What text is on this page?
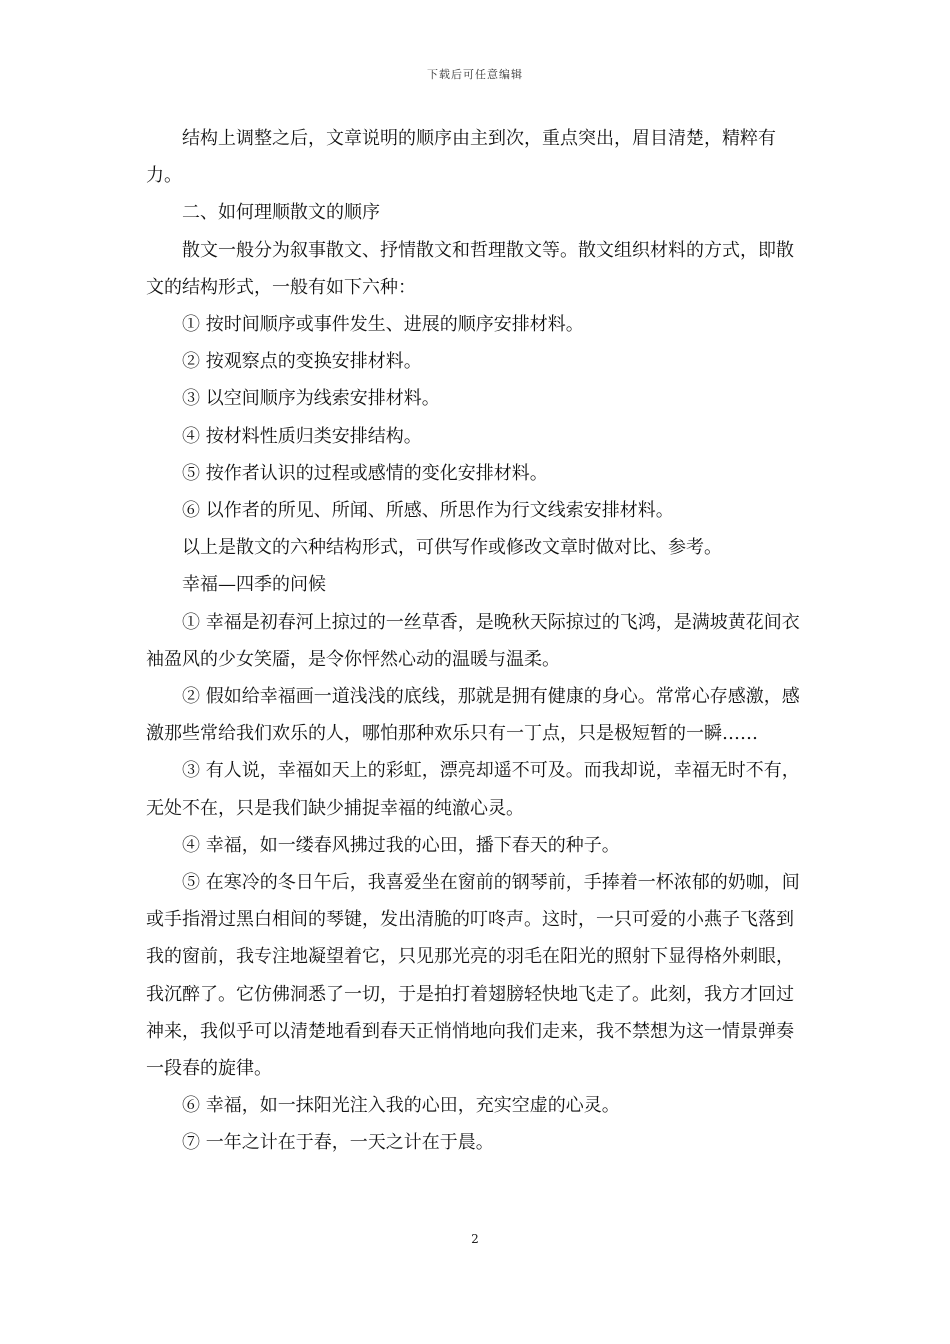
下载后可任意编辑

结构上调整之后，文章说明的顺序由主到次，重点突出，眉目清楚，精粹有力。

二、如何理顺散文的顺序

散文一般分为叙事散文、抒情散文和哲理散文等。散文组织材料的方式，即散文的结构形式，一般有如下六种：

① 按时间顺序或事件发生、进展的顺序安排材料。

② 按观察点的变换安排材料。

③ 以空间顺序为线索安排材料。

④ 按材料性质归类安排结构。

⑤ 按作者认识的过程或感情的变化安排材料。

⑥ 以作者的所见、所闻、所感、所思作为行文线索安排材料。

以上是散文的六种结构形式，可供写作或修改文章时做对比、参考。

幸福—四季的问候

① 幸福是初春河上掠过的一丝草香，是晚秋天际掠过的飞鸿，是满坡黄花间衣袖盈风的少女笑靥，是令你怦然心动的温暖与温柔。

② 假如给幸福画一道浅浅的底线，那就是拥有健康的身心。常常心存感激，感激那些常给我们欢乐的人，哪怕那种欢乐只有一丁点，只是极短暂的一瞬……

③ 有人说，幸福如天上的彩虹，漂亮却遥不可及。而我却说，幸福无时不有，无处不在，只是我们缺少捕捉幸福的纯澈心灵。

④ 幸福，如一缕春风拂过我的心田，播下春天的种子。

⑤ 在寒冷的冬日午后，我喜爱坐在窗前的钢琴前，手捧着一杯浓郁的奶咖，间或手指滑过黑白相间的琴键，发出清脆的叮咚声。这时，一只可爱的小燕子飞落到我的窗前，我专注地凝望着它，只见那光亮的羽毛在阳光的照射下显得格外刺眼，我沉醉了。它仿佛洞悉了一切，于是拍打着翅膀轻快地飞走了。此刻，我方才回过神来，我似乎可以清楚地看到春天正悄悄地向我们走来，我不禁想为这一情景弹奏一段春的旋律。

⑥ 幸福，如一抹阳光注入我的心田，充实空虚的心灵。

⑦ 一年之计在于春，一天之计在于晨。

2
